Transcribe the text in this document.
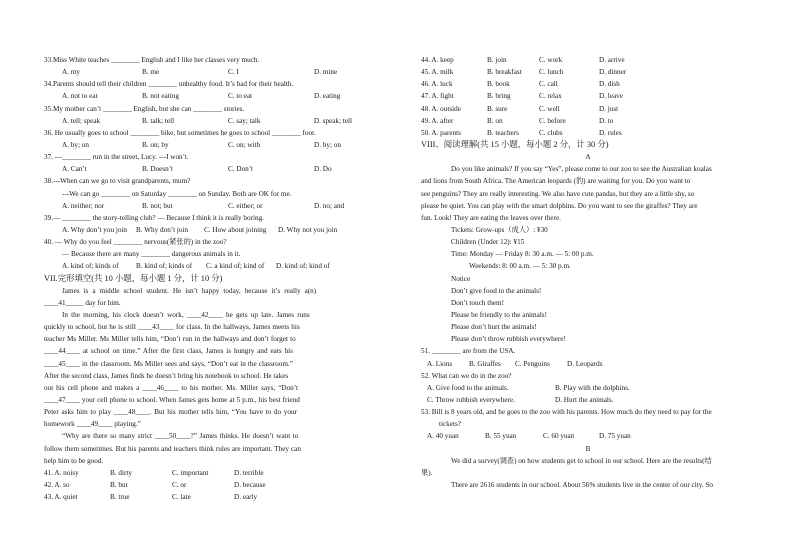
33.Miss White teaches ________ English and I like her classes very much.
A. my	B. me	C. I	D. mine
34.Parents should tell their children ________ unhealthy food. It’s bad for their health.
A. not to eat	B. not eating	C. to eat	D. eating
35.My mother can’t ________ English, but she can ________ stories.
A. tell; speak	B. talk; tell	C. say; talk	D. speak; tell
36. He usually goes to school ________ bike, but sometimes he goes to school ________ foot.
A. by; on	B. on; by	C. on; with	D. by; on
37. ---________ run in the street, Lucy. ---I won’t.
A. Can’t	B. Doesn’t	C. Don’t	D. Do
38.---When can we go to visit grandparents, mum?
---We can go ________ on Saturday ________ on Sunday. Both are OK for me.
A. neither; nor	B. not; but	C. either; or	D. no; and
39.— ________ the story-telling club? — Because I think it is really boring.
A. Why don’t you join	B. Why don’t join	C. How about joining	D. Why not you join
40. — Why do you feel ________ nervous(紧张的) in the zoo?
— Because there are many ________ dangerous animals in it.
A. kind of; kinds of	B. kind of; kinds of	C. a kind of; kind of	D. kind of; kind of
VII.完形填空(共 10 小题，每小题 1 分，计 10 分)
James is a middle school student. He isn’t happy today, because it’s really a(n)
____41_____ day for him.
In the morning, his clock doesn’t work, ____42____ he gets up late. James runs
quickly to school, but he is still ____43____ for class. In the hallways, James meets his
teacher Ms Miller. Ms Miller tells him, “Don’t run in the hallways and don’t forget to
____44____ at school on time.” After the first class, James is hungry and eats his
____45____ in the classroom. Ms Miller sees and says, “Don’t eat in the classroom.”
After the second class, James finds he doesn’t bring his notebook to school. He takes
out his cell phone and makes a ____46____ to his mother. Ms. Miller says, “Don’t
____47____ your cell phone to school. When James gets home at 5 p.m., his best friend
Peter asks him to play ____48____. But his mother tells him, “You have to do your
homework ____49____ playing.”
“Why are there so many strict ____50____?” James thinks. He doesn’t want to
follow them sometimes. But his parents and teachers think rules are important. They can
help him to be good.
41. A. noisy	B. dirty	C. important	D. terrible
42. A. so	B. but	C. or	D. because
43. A. quiet	B. true	C. late	D. early
44. A. keep	B. join	C. work	D. arrive
45. A. milk	B. breakfast	C. lunch	D. dinner
46. A. luck	B. book	C. call	D. dish
47. A. fight	B. bring	C. relax	D. leave
48. A. outside	B. sure	C. well	D. just
49. A. after	B. on	C. before	D. to
50. A. parents	B. teachers	C. clubs	D. rules
VIII、阅读理解(共 15 小题，每小题 2 分，计 30 分)
A
Do you like animals? If you say “Yes”, please come to our zoo to see the Australian koalas
and lions from South Africa. The American leopards (豹) are waiting for you. Do you want to
see penguins? They are really interesting. We also have cute pandas, but they are a little shy, so
please be quiet. You can play with the smart dolphins. Do you want to see the giraffes? They are
fun. Look! They are eating the leaves over there.
Tickets: Grow-ups（成人）: ¥30
Children (Under 12): ¥15
Time: Monday — Friday 8: 30 a.m. — 5: 00 p.m.
Weekends: 8: 00 a.m. — 5: 30 p.m.
Notice
Don’t give food to the animals!
Don’t touch them!
Please be friendly to the animals!
Please don’t hurt the animals!
Please don’t throw rubbish everywhere!
51. ________ are from the USA.
A. Lions	B. Giraffes	C. Penguins	D. Leopards
52. What can we do in the zoo?
A. Give food to the animals.	B. Play with the dolphins.
C. Throw rubbish everywhere.	D. Hurt the animals.
53. Bill is 8 years old, and he goes to the zoo with his parents. How much do they need to pay for the
tickets?
A. 40 yuan	B. 55 yuan	C. 60 yuan	D. 75 yuan
B
We did a survey(调查) on how students get to school in our school. Here are the results(结
果).
There are 2616 students in our school. About 56% students live in the center of our city. So
